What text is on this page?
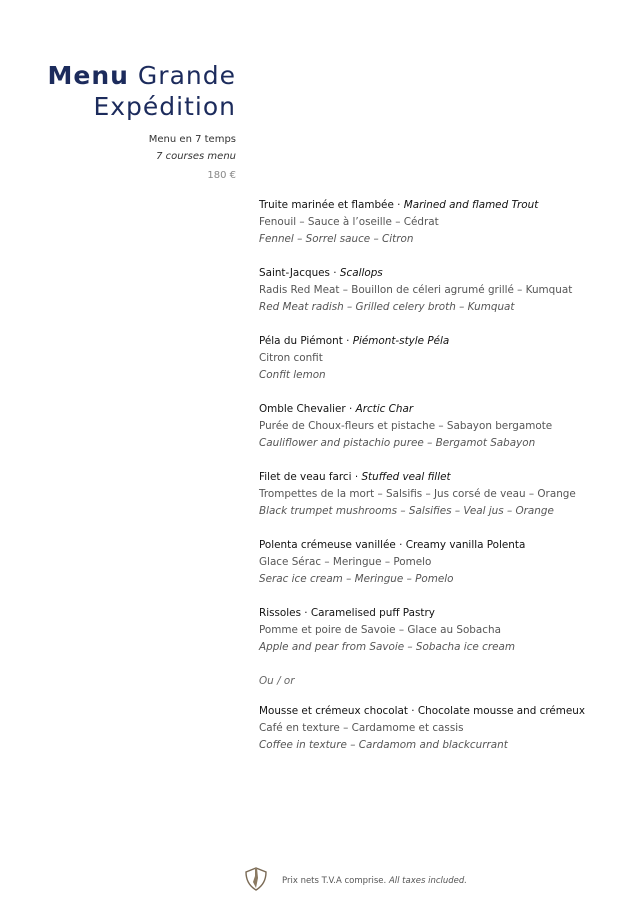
Menu Grande
Expédition
Menu en 7 temps
7 courses menu
180 €
Truite marinée et flambée · Marined and flamed Trout
Fenouil – Sauce à l’oseille – Cédrat
Fennel – Sorrel sauce – Citron
Saint-Jacques · Scallops
Radis Red Meat – Bouillon de céleri agrumé grillé – Kumquat
Red Meat radish – Grilled celery broth – Kumquat
Péla du Piémont · Piémont-style Péla
Citron confit
Confit lemon
Omble Chevalier · Arctic Char
Purée de Choux-fleurs et pistache – Sabayon bergamote
Cauliflower and pistachio puree – Bergamot Sabayon
Filet de veau farci · Stuffed veal fillet
Trompettes de la mort – Salsifis – Jus corsé de veau – Orange
Black trumpet mushrooms – Salsifies – Veal jus – Orange
Polenta crémeuse vanillée · Creamy vanilla Polenta
Glace Sérac – Meringue – Pomelo
Serac ice cream – Meringue – Pomelo
Rissoles · Caramelised puff Pastry
Pomme et poire de Savoie – Glace au Sobacha
Apple and pear from Savoie – Sobacha ice cream
Ou / or
Mousse et crémeux chocolat · Chocolate mousse and crémeux
Café en texture – Cardamome et cassis
Coffee in texture – Cardamom and blackcurrant
Prix nets T.V.A comprise. All taxes included.
